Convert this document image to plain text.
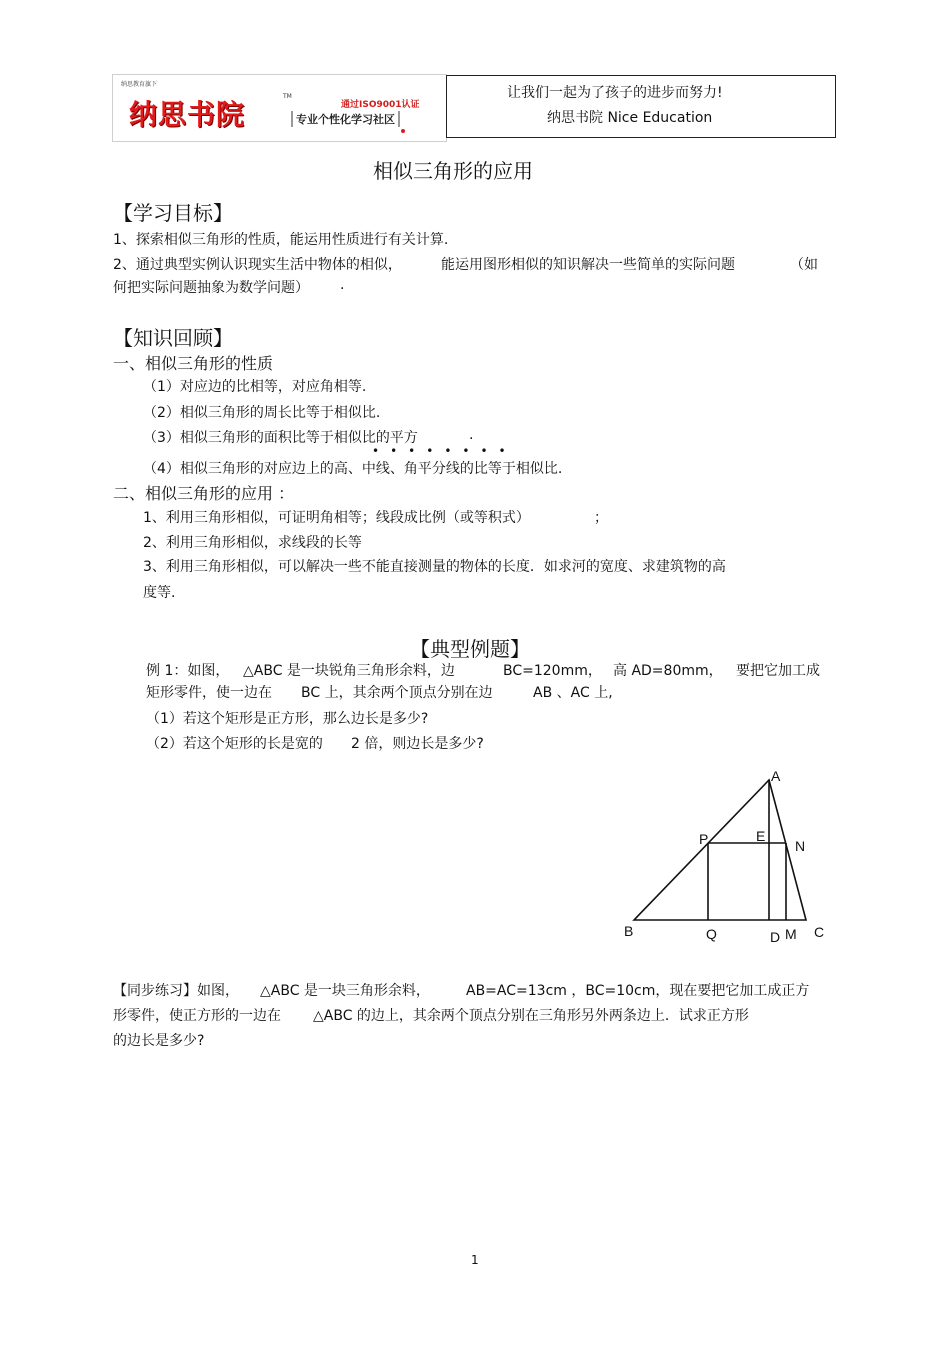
纳思教育旗下
纳思书院
TM
通过ISO9001认证
专业个性化学习社区
让我们一起为了孩子的进步而努力!
纳思书院 Nice Education
相似三角形的应用
【学习目标】
1、探索相似三角形的性质，能运用性质进行有关计算.
2、通过典型实例认识现实生活中物体的相似，	能运用图形相似的知识解决一些简单的实际问题	（如
何把实际问题抽象为数学问题） .
【知识回顾】
一、相似三角形的性质
（1）对应边的比相等，对应角相等.
（2）相似三角形的周长比等于相似比.
（3）相似三角形的面积比等于相似比的平方	.
••••••••
（4）相似三角形的对应边上的高、中线、角平分线的比等于相似比.
二、相似三角形的应用 ：
1、利用三角形相似，可证明角相等；线段成比例（或等积式）	；
2、利用三角形相似，求线段的长等
3、利用三角形相似，可以解决一些不能直接测量的物体的长度．如求河的宽度、求建筑物的高
度等.
【典型例题】
例 1：如图， △ABC 是一块锐角三角形余料，边	BC=120mm， 高 AD=80mm， 要把它加工成
矩形零件，使一边在 BC 上，其余两个顶点分别在边	AB 、AC 上,
（1）若这个矩形是正方形，那么边长是多少?
（2）若这个矩形的长是宽的 2 倍，则边长是多少?
A
B	C
D
E
P	N
Q	M
【同步练习】如图， △ABC 是一块三角形余料，	AB=AC=13cm ，BC=10cm，现在要把它加工成正方
形零件，使正方形的一边在 △ABC 的边上，其余两个顶点分别在三角形另外两条边上．试求正方形
的边长是多少?
1
